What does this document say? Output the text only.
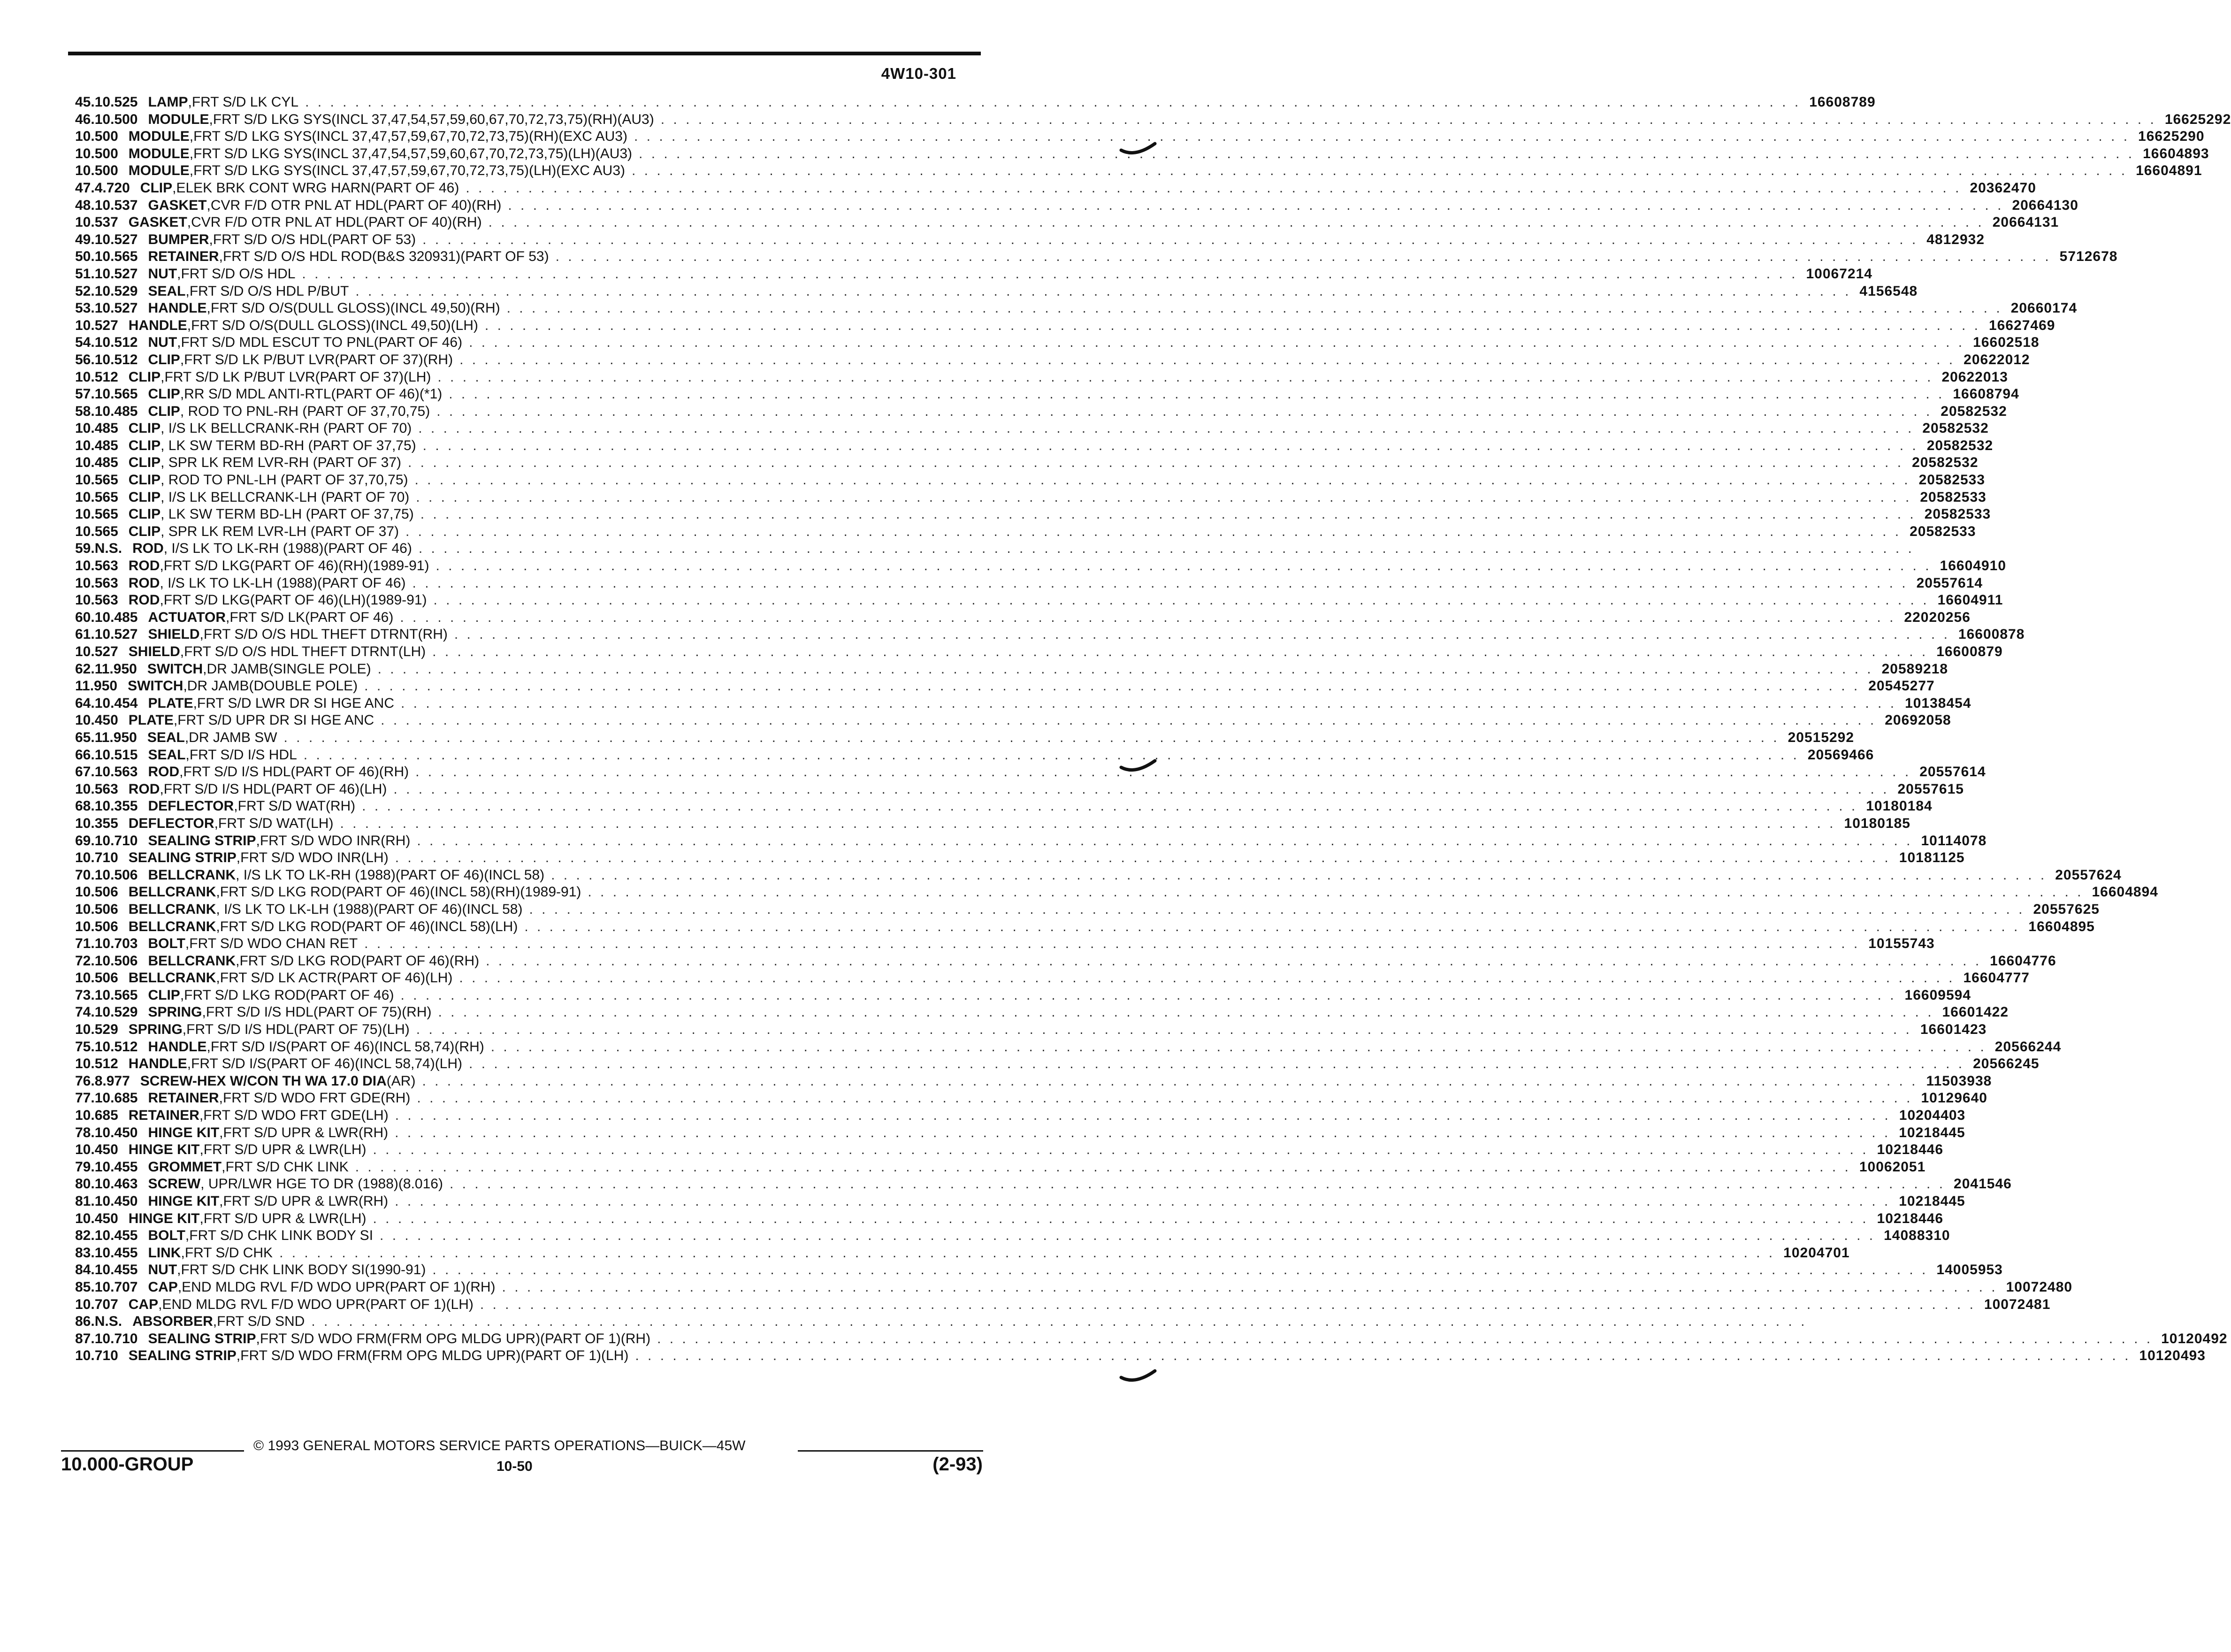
4W10-301
45. 10.525 LAMP ,FRT S/D LK CYL . . . . . . . . . . . . . . . . . . . . . . . . . . . . . . . . . . . . . . . . . . . . . . . . . . . . . . . . . . . . . . . . . . . . . . . . . . . . . . . . . . . . . . . . . . . . . . . . . . . . . . . . . . . . . . . . . . . . . . . . 16608789
46. 10.500 MODULE ,FRT S/D LKG SYS(INCL 37,47,54,57,59,60,67,70,72,73,75)(RH)(AU3) . . . . . . . . . . . . . . . . . . . . . . . . . . . . . . . . . . . . . . . . . . . . . . . . . . . . . . . . . . . . . . . . . . . . . . . . . . . . . . . . . . . . . . . . . . . . . . . . . . . . . . . . . . . . . . . . . . . . . . . . 16625292
10.500 MODULE ,FRT S/D LKG SYS(INCL 37,47,57,59,67,70,72,73,75)(RH)(EXC AU3) . . . . . . . . . . . . . . . . . . . . . . . . . . . . . . . . . . . . . . . . . . . . . . . . . . . . . . . . . . . . . . . . . . . . . . . . . . . . . . . . . . . . . . . . . . . . . . . . . . . . . . . . . . . . . . . . . . . . . . . . 16625290
10.500 MODULE ,FRT S/D LKG SYS(INCL 37,47,54,57,59,60,67,70,72,73,75)(LH)(AU3) . . . . . . . . . . . . . . . . . . . . . . . . . . . . . . . . . . . . . . . . . . . . . . . . . . . . . . . . . . . . . . . . . . . . . . . . . . . . . . . . . . . . . . . . . . . . . . . . . . . . . . . . . . . . . . . . . . . . . . . . 16604893
10.500 MODULE ,FRT S/D LKG SYS(INCL 37,47,57,59,67,70,72,73,75)(LH)(EXC AU3) . . . . . . . . . . . . . . . . . . . . . . . . . . . . . . . . . . . . . . . . . . . . . . . . . . . . . . . . . . . . . . . . . . . . . . . . . . . . . . . . . . . . . . . . . . . . . . . . . . . . . . . . . . . . . . . . . . . . . . . . 16604891
47. 4.720 CLIP ,ELEK BRK CONT WRG HARN(PART OF 46) . . . . . . . . . . . . . . . . . . . . . . . . . . . . . . . . . . . . . . . . . . . . . . . . . . . . . . . . . . . . . . . . . . . . . . . . . . . . . . . . . . . . . . . . . . . . . . . . . . . . . . . . . . . . . . . . . . . . . . . . 20362470
48. 10.537 GASKET ,CVR F/D OTR PNL AT HDL(PART OF 40)(RH) . . . . . . . . . . . . . . . . . . . . . . . . . . . . . . . . . . . . . . . . . . . . . . . . . . . . . . . . . . . . . . . . . . . . . . . . . . . . . . . . . . . . . . . . . . . . . . . . . . . . . . . . . . . . . . . . . . . . . . . . 20664130
10.537 GASKET ,CVR F/D OTR PNL AT HDL(PART OF 40)(RH) . . . . . . . . . . . . . . . . . . . . . . . . . . . . . . . . . . . . . . . . . . . . . . . . . . . . . . . . . . . . . . . . . . . . . . . . . . . . . . . . . . . . . . . . . . . . . . . . . . . . . . . . . . . . . . . . . . . . . . . . 20664131
49. 10.527 BUMPER ,FRT S/D O/S HDL(PART OF 53) . . . . . . . . . . . . . . . . . . . . . . . . . . . . . . . . . . . . . . . . . . . . . . . . . . . . . . . . . . . . . . . . . . . . . . . . . . . . . . . . . . . . . . . . . . . . . . . . . . . . . . . . . . . . . . . . . . . . . . . . 4812932
50. 10.565 RETAINER ,FRT S/D O/S HDL ROD(B&S 320931)(PART OF 53) . . . . . . . . . . . . . . . . . . . . . . . . . . . . . . . . . . . . . . . . . . . . . . . . . . . . . . . . . . . . . . . . . . . . . . . . . . . . . . . . . . . . . . . . . . . . . . . . . . . . . . . . . . . . . . . . . . . . . . . . 5712678
51. 10.527 NUT ,FRT S/D O/S HDL . . . . . . . . . . . . . . . . . . . . . . . . . . . . . . . . . . . . . . . . . . . . . . . . . . . . . . . . . . . . . . . . . . . . . . . . . . . . . . . . . . . . . . . . . . . . . . . . . . . . . . . . . . . . . . . . . . . . . . . . 10067214
52. 10.529 SEAL ,FRT S/D O/S HDL P/BUT . . . . . . . . . . . . . . . . . . . . . . . . . . . . . . . . . . . . . . . . . . . . . . . . . . . . . . . . . . . . . . . . . . . . . . . . . . . . . . . . . . . . . . . . . . . . . . . . . . . . . . . . . . . . . . . . . . . . . . . . 4156548
53. 10.527 HANDLE ,FRT S/D O/S(DULL GLOSS)(INCL 49,50)(RH) . . . . . . . . . . . . . . . . . . . . . . . . . . . . . . . . . . . . . . . . . . . . . . . . . . . . . . . . . . . . . . . . . . . . . . . . . . . . . . . . . . . . . . . . . . . . . . . . . . . . . . . . . . . . . . . . . . . . . . . . 20660174
10.527 HANDLE ,FRT S/D O/S(DULL GLOSS)(INCL 49,50)(LH) . . . . . . . . . . . . . . . . . . . . . . . . . . . . . . . . . . . . . . . . . . . . . . . . . . . . . . . . . . . . . . . . . . . . . . . . . . . . . . . . . . . . . . . . . . . . . . . . . . . . . . . . . . . . . . . . . . . . . . . . 16627469
54. 10.512 NUT ,FRT S/D MDL ESCUT TO PNL(PART OF 46) . . . . . . . . . . . . . . . . . . . . . . . . . . . . . . . . . . . . . . . . . . . . . . . . . . . . . . . . . . . . . . . . . . . . . . . . . . . . . . . . . . . . . . . . . . . . . . . . . . . . . . . . . . . . . . . . . . . . . . . . 16602518
56. 10.512 CLIP ,FRT S/D LK P/BUT LVR(PART OF 37)(RH) . . . . . . . . . . . . . . . . . . . . . . . . . . . . . . . . . . . . . . . . . . . . . . . . . . . . . . . . . . . . . . . . . . . . . . . . . . . . . . . . . . . . . . . . . . . . . . . . . . . . . . . . . . . . . . . . . . . . . . . . 20622012
10.512 CLIP ,FRT S/D LK P/BUT LVR(PART OF 37)(LH) . . . . . . . . . . . . . . . . . . . . . . . . . . . . . . . . . . . . . . . . . . . . . . . . . . . . . . . . . . . . . . . . . . . . . . . . . . . . . . . . . . . . . . . . . . . . . . . . . . . . . . . . . . . . . . . . . . . . . . . . 20622013
57. 10.565 CLIP ,RR S/D MDL ANTI-RTL(PART OF 46)(*1) . . . . . . . . . . . . . . . . . . . . . . . . . . . . . . . . . . . . . . . . . . . . . . . . . . . . . . . . . . . . . . . . . . . . . . . . . . . . . . . . . . . . . . . . . . . . . . . . . . . . . . . . . . . . . . . . . . . . . . . . 16608794
58. 10.485 CLIP , ROD TO PNL-RH (PART OF 37,70,75) . . . . . . . . . . . . . . . . . . . . . . . . . . . . . . . . . . . . . . . . . . . . . . . . . . . . . . . . . . . . . . . . . . . . . . . . . . . . . . . . . . . . . . . . . . . . . . . . . . . . . . . . . . . . . . . . . . . . . . . . 20582532
10.485 CLIP , I/S LK BELLCRANK-RH (PART OF 70) . . . . . . . . . . . . . . . . . . . . . . . . . . . . . . . . . . . . . . . . . . . . . . . . . . . . . . . . . . . . . . . . . . . . . . . . . . . . . . . . . . . . . . . . . . . . . . . . . . . . . . . . . . . . . . . . . . . . . . . . 20582532
10.485 CLIP , LK SW TERM BD-RH (PART OF 37,75) . . . . . . . . . . . . . . . . . . . . . . . . . . . . . . . . . . . . . . . . . . . . . . . . . . . . . . . . . . . . . . . . . . . . . . . . . . . . . . . . . . . . . . . . . . . . . . . . . . . . . . . . . . . . . . . . . . . . . . . . 20582532
10.485 CLIP , SPR LK REM LVR-RH (PART OF 37) . . . . . . . . . . . . . . . . . . . . . . . . . . . . . . . . . . . . . . . . . . . . . . . . . . . . . . . . . . . . . . . . . . . . . . . . . . . . . . . . . . . . . . . . . . . . . . . . . . . . . . . . . . . . . . . . . . . . . . . . 20582532
10.565 CLIP , ROD TO PNL-LH (PART OF 37,70,75) . . . . . . . . . . . . . . . . . . . . . . . . . . . . . . . . . . . . . . . . . . . . . . . . . . . . . . . . . . . . . . . . . . . . . . . . . . . . . . . . . . . . . . . . . . . . . . . . . . . . . . . . . . . . . . . . . . . . . . . . 20582533
10.565 CLIP , I/S LK BELLCRANK-LH (PART OF 70) . . . . . . . . . . . . . . . . . . . . . . . . . . . . . . . . . . . . . . . . . . . . . . . . . . . . . . . . . . . . . . . . . . . . . . . . . . . . . . . . . . . . . . . . . . . . . . . . . . . . . . . . . . . . . . . . . . . . . . . . 20582533
10.565 CLIP , LK SW TERM BD-LH (PART OF 37,75) . . . . . . . . . . . . . . . . . . . . . . . . . . . . . . . . . . . . . . . . . . . . . . . . . . . . . . . . . . . . . . . . . . . . . . . . . . . . . . . . . . . . . . . . . . . . . . . . . . . . . . . . . . . . . . . . . . . . . . . . 20582533
10.565 CLIP , SPR LK REM LVR-LH (PART OF 37) . . . . . . . . . . . . . . . . . . . . . . . . . . . . . . . . . . . . . . . . . . . . . . . . . . . . . . . . . . . . . . . . . . . . . . . . . . . . . . . . . . . . . . . . . . . . . . . . . . . . . . . . . . . . . . . . . . . . . . . . 20582533
59. N.S. ROD , I/S LK TO LK-RH (1988)(PART OF 46) . . . . . . . . . . . . . . . . . . . . . . . . . . . . . . . . . . . . . . . . . . . . . . . . . . . . . . . . . . . . . . . . . . . . . . . . . . . . . . . . . . . . . . . . . . . . . . . . . . . . . . . . . . . . . . . . . . . . . . . .
10.563 ROD ,FRT S/D LKG(PART OF 46)(RH)(1989-91) . . . . . . . . . . . . . . . . . . . . . . . . . . . . . . . . . . . . . . . . . . . . . . . . . . . . . . . . . . . . . . . . . . . . . . . . . . . . . . . . . . . . . . . . . . . . . . . . . . . . . . . . . . . . . . . . . . . . . . . . 16604910
10.563 ROD , I/S LK TO LK-LH (1988)(PART OF 46) . . . . . . . . . . . . . . . . . . . . . . . . . . . . . . . . . . . . . . . . . . . . . . . . . . . . . . . . . . . . . . . . . . . . . . . . . . . . . . . . . . . . . . . . . . . . . . . . . . . . . . . . . . . . . . . . . . . . . . . . 20557614
10.563 ROD ,FRT S/D LKG(PART OF 46)(LH)(1989-91) . . . . . . . . . . . . . . . . . . . . . . . . . . . . . . . . . . . . . . . . . . . . . . . . . . . . . . . . . . . . . . . . . . . . . . . . . . . . . . . . . . . . . . . . . . . . . . . . . . . . . . . . . . . . . . . . . . . . . . . . 16604911
60. 10.485 ACTUATOR ,FRT S/D LK(PART OF 46) . . . . . . . . . . . . . . . . . . . . . . . . . . . . . . . . . . . . . . . . . . . . . . . . . . . . . . . . . . . . . . . . . . . . . . . . . . . . . . . . . . . . . . . . . . . . . . . . . . . . . . . . . . . . . . . . . . . . . . . . 22020256
61. 10.527 SHIELD ,FRT S/D O/S HDL THEFT DTRNT(RH) . . . . . . . . . . . . . . . . . . . . . . . . . . . . . . . . . . . . . . . . . . . . . . . . . . . . . . . . . . . . . . . . . . . . . . . . . . . . . . . . . . . . . . . . . . . . . . . . . . . . . . . . . . . . . . . . . . . . . . . . 16600878
10.527 SHIELD ,FRT S/D O/S HDL THEFT DTRNT(LH) . . . . . . . . . . . . . . . . . . . . . . . . . . . . . . . . . . . . . . . . . . . . . . . . . . . . . . . . . . . . . . . . . . . . . . . . . . . . . . . . . . . . . . . . . . . . . . . . . . . . . . . . . . . . . . . . . . . . . . . . 16600879
62. 11.950 SWITCH ,DR JAMB(SINGLE POLE) . . . . . . . . . . . . . . . . . . . . . . . . . . . . . . . . . . . . . . . . . . . . . . . . . . . . . . . . . . . . . . . . . . . . . . . . . . . . . . . . . . . . . . . . . . . . . . . . . . . . . . . . . . . . . . . . . . . . . . . . 20589218
11.950 SWITCH ,DR JAMB(DOUBLE POLE) . . . . . . . . . . . . . . . . . . . . . . . . . . . . . . . . . . . . . . . . . . . . . . . . . . . . . . . . . . . . . . . . . . . . . . . . . . . . . . . . . . . . . . . . . . . . . . . . . . . . . . . . . . . . . . . . . . . . . . . . 20545277
64. 10.454 PLATE ,FRT S/D LWR DR SI HGE ANC . . . . . . . . . . . . . . . . . . . . . . . . . . . . . . . . . . . . . . . . . . . . . . . . . . . . . . . . . . . . . . . . . . . . . . . . . . . . . . . . . . . . . . . . . . . . . . . . . . . . . . . . . . . . . . . . . . . . . . . . 10138454
10.450 PLATE ,FRT S/D UPR DR SI HGE ANC . . . . . . . . . . . . . . . . . . . . . . . . . . . . . . . . . . . . . . . . . . . . . . . . . . . . . . . . . . . . . . . . . . . . . . . . . . . . . . . . . . . . . . . . . . . . . . . . . . . . . . . . . . . . . . . . . . . . . . . . 20692058
65. 11.950 SEAL ,DR JAMB SW . . . . . . . . . . . . . . . . . . . . . . . . . . . . . . . . . . . . . . . . . . . . . . . . . . . . . . . . . . . . . . . . . . . . . . . . . . . . . . . . . . . . . . . . . . . . . . . . . . . . . . . . . . . . . . . . . . . . . . . . 20515292
66. 10.515 SEAL ,FRT S/D I/S HDL . . . . . . . . . . . . . . . . . . . . . . . . . . . . . . . . . . . . . . . . . . . . . . . . . . . . . . . . . . . . . . . . . . . . . . . . . . . . . . . . . . . . . . . . . . . . . . . . . . . . . . . . . . . . . . . . . . . . . . . . 20569466
67. 10.563 ROD ,FRT S/D I/S HDL(PART OF 46)(RH) . . . . . . . . . . . . . . . . . . . . . . . . . . . . . . . . . . . . . . . . . . . . . . . . . . . . . . . . . . . . . . . . . . . . . . . . . . . . . . . . . . . . . . . . . . . . . . . . . . . . . . . . . . . . . . . . . . . . . . . . 20557614
10.563 ROD ,FRT S/D I/S HDL(PART OF 46)(LH) . . . . . . . . . . . . . . . . . . . . . . . . . . . . . . . . . . . . . . . . . . . . . . . . . . . . . . . . . . . . . . . . . . . . . . . . . . . . . . . . . . . . . . . . . . . . . . . . . . . . . . . . . . . . . . . . . . . . . . . . 20557615
68. 10.355 DEFLECTOR ,FRT S/D WAT(RH) . . . . . . . . . . . . . . . . . . . . . . . . . . . . . . . . . . . . . . . . . . . . . . . . . . . . . . . . . . . . . . . . . . . . . . . . . . . . . . . . . . . . . . . . . . . . . . . . . . . . . . . . . . . . . . . . . . . . . . . . 10180184
10.355 DEFLECTOR ,FRT S/D WAT(LH) . . . . . . . . . . . . . . . . . . . . . . . . . . . . . . . . . . . . . . . . . . . . . . . . . . . . . . . . . . . . . . . . . . . . . . . . . . . . . . . . . . . . . . . . . . . . . . . . . . . . . . . . . . . . . . . . . . . . . . . . 10180185
69. 10.710 SEALING STRIP ,FRT S/D WDO INR(RH) . . . . . . . . . . . . . . . . . . . . . . . . . . . . . . . . . . . . . . . . . . . . . . . . . . . . . . . . . . . . . . . . . . . . . . . . . . . . . . . . . . . . . . . . . . . . . . . . . . . . . . . . . . . . . . . . . . . . . . . . 10114078
10.710 SEALING STRIP ,FRT S/D WDO INR(LH) . . . . . . . . . . . . . . . . . . . . . . . . . . . . . . . . . . . . . . . . . . . . . . . . . . . . . . . . . . . . . . . . . . . . . . . . . . . . . . . . . . . . . . . . . . . . . . . . . . . . . . . . . . . . . . . . . . . . . . . . 10181125
70. 10.506 BELLCRANK , I/S LK TO LK-RH (1988)(PART OF 46)(INCL 58) . . . . . . . . . . . . . . . . . . . . . . . . . . . . . . . . . . . . . . . . . . . . . . . . . . . . . . . . . . . . . . . . . . . . . . . . . . . . . . . . . . . . . . . . . . . . . . . . . . . . . . . . . . . . . . . . . . . . . . . . 20557624
10.506 BELLCRANK ,FRT S/D LKG ROD(PART OF 46)(INCL 58)(RH)(1989-91) . . . . . . . . . . . . . . . . . . . . . . . . . . . . . . . . . . . . . . . . . . . . . . . . . . . . . . . . . . . . . . . . . . . . . . . . . . . . . . . . . . . . . . . . . . . . . . . . . . . . . . . . . . . . . . . . . . . . . . . . 16604894
10.506 BELLCRANK , I/S LK TO LK-LH (1988)(PART OF 46)(INCL 58) . . . . . . . . . . . . . . . . . . . . . . . . . . . . . . . . . . . . . . . . . . . . . . . . . . . . . . . . . . . . . . . . . . . . . . . . . . . . . . . . . . . . . . . . . . . . . . . . . . . . . . . . . . . . . . . . . . . . . . . . 20557625
10.506 BELLCRANK ,FRT S/D LKG ROD(PART OF 46)(INCL 58)(LH) . . . . . . . . . . . . . . . . . . . . . . . . . . . . . . . . . . . . . . . . . . . . . . . . . . . . . . . . . . . . . . . . . . . . . . . . . . . . . . . . . . . . . . . . . . . . . . . . . . . . . . . . . . . . . . . . . . . . . . . . 16604895
71. 10.703 BOLT ,FRT S/D WDO CHAN RET . . . . . . . . . . . . . . . . . . . . . . . . . . . . . . . . . . . . . . . . . . . . . . . . . . . . . . . . . . . . . . . . . . . . . . . . . . . . . . . . . . . . . . . . . . . . . . . . . . . . . . . . . . . . . . . . . . . . . . . . 10155743
72. 10.506 BELLCRANK ,FRT S/D LKG ROD(PART OF 46)(RH) . . . . . . . . . . . . . . . . . . . . . . . . . . . . . . . . . . . . . . . . . . . . . . . . . . . . . . . . . . . . . . . . . . . . . . . . . . . . . . . . . . . . . . . . . . . . . . . . . . . . . . . . . . . . . . . . . . . . . . . . 16604776
10.506 BELLCRANK ,FRT S/D LK ACTR(PART OF 46)(LH) . . . . . . . . . . . . . . . . . . . . . . . . . . . . . . . . . . . . . . . . . . . . . . . . . . . . . . . . . . . . . . . . . . . . . . . . . . . . . . . . . . . . . . . . . . . . . . . . . . . . . . . . . . . . . . . . . . . . . . . . 16604777
73. 10.565 CLIP ,FRT S/D LKG ROD(PART OF 46) . . . . . . . . . . . . . . . . . . . . . . . . . . . . . . . . . . . . . . . . . . . . . . . . . . . . . . . . . . . . . . . . . . . . . . . . . . . . . . . . . . . . . . . . . . . . . . . . . . . . . . . . . . . . . . . . . . . . . . . . 16609594
74. 10.529 SPRING ,FRT S/D I/S HDL(PART OF 75)(RH) . . . . . . . . . . . . . . . . . . . . . . . . . . . . . . . . . . . . . . . . . . . . . . . . . . . . . . . . . . . . . . . . . . . . . . . . . . . . . . . . . . . . . . . . . . . . . . . . . . . . . . . . . . . . . . . . . . . . . . . . 16601422
10.529 SPRING ,FRT S/D I/S HDL(PART OF 75)(LH) . . . . . . . . . . . . . . . . . . . . . . . . . . . . . . . . . . . . . . . . . . . . . . . . . . . . . . . . . . . . . . . . . . . . . . . . . . . . . . . . . . . . . . . . . . . . . . . . . . . . . . . . . . . . . . . . . . . . . . . . 16601423
75. 10.512 HANDLE ,FRT S/D I/S(PART OF 46)(INCL 58,74)(RH) . . . . . . . . . . . . . . . . . . . . . . . . . . . . . . . . . . . . . . . . . . . . . . . . . . . . . . . . . . . . . . . . . . . . . . . . . . . . . . . . . . . . . . . . . . . . . . . . . . . . . . . . . . . . . . . . . . . . . . . . 20566244
10.512 HANDLE ,FRT S/D I/S(PART OF 46)(INCL 58,74)(LH) . . . . . . . . . . . . . . . . . . . . . . . . . . . . . . . . . . . . . . . . . . . . . . . . . . . . . . . . . . . . . . . . . . . . . . . . . . . . . . . . . . . . . . . . . . . . . . . . . . . . . . . . . . . . . . . . . . . . . . . . 20566245
76. 8.977 SCREW-HEX W/CON TH WA 17.0 DIA (AR) . . . . . . . . . . . . . . . . . . . . . . . . . . . . . . . . . . . . . . . . . . . . . . . . . . . . . . . . . . . . . . . . . . . . . . . . . . . . . . . . . . . . . . . . . . . . . . . . . . . . . . . . . . . . . . . . . . . . . . . . 11503938
77. 10.685 RETAINER ,FRT S/D WDO FRT GDE(RH) . . . . . . . . . . . . . . . . . . . . . . . . . . . . . . . . . . . . . . . . . . . . . . . . . . . . . . . . . . . . . . . . . . . . . . . . . . . . . . . . . . . . . . . . . . . . . . . . . . . . . . . . . . . . . . . . . . . . . . . . 10129640
10.685 RETAINER ,FRT S/D WDO FRT GDE(LH) . . . . . . . . . . . . . . . . . . . . . . . . . . . . . . . . . . . . . . . . . . . . . . . . . . . . . . . . . . . . . . . . . . . . . . . . . . . . . . . . . . . . . . . . . . . . . . . . . . . . . . . . . . . . . . . . . . . . . . . . 10204403
78. 10.450 HINGE KIT ,FRT S/D UPR & LWR(RH) . . . . . . . . . . . . . . . . . . . . . . . . . . . . . . . . . . . . . . . . . . . . . . . . . . . . . . . . . . . . . . . . . . . . . . . . . . . . . . . . . . . . . . . . . . . . . . . . . . . . . . . . . . . . . . . . . . . . . . . . 10218445
10.450 HINGE KIT ,FRT S/D UPR & LWR(LH) . . . . . . . . . . . . . . . . . . . . . . . . . . . . . . . . . . . . . . . . . . . . . . . . . . . . . . . . . . . . . . . . . . . . . . . . . . . . . . . . . . . . . . . . . . . . . . . . . . . . . . . . . . . . . . . . . . . . . . . . 10218446
79. 10.455 GROMMET ,FRT S/D CHK LINK . . . . . . . . . . . . . . . . . . . . . . . . . . . . . . . . . . . . . . . . . . . . . . . . . . . . . . . . . . . . . . . . . . . . . . . . . . . . . . . . . . . . . . . . . . . . . . . . . . . . . . . . . . . . . . . . . . . . . . . . 10062051
80. 10.463 SCREW , UPR/LWR HGE TO DR (1988)(8.016) . . . . . . . . . . . . . . . . . . . . . . . . . . . . . . . . . . . . . . . . . . . . . . . . . . . . . . . . . . . . . . . . . . . . . . . . . . . . . . . . . . . . . . . . . . . . . . . . . . . . . . . . . . . . . . . . . . . . . . . . 2041546
81. 10.450 HINGE KIT ,FRT S/D UPR & LWR(RH) . . . . . . . . . . . . . . . . . . . . . . . . . . . . . . . . . . . . . . . . . . . . . . . . . . . . . . . . . . . . . . . . . . . . . . . . . . . . . . . . . . . . . . . . . . . . . . . . . . . . . . . . . . . . . . . . . . . . . . . . 10218445
10.450 HINGE KIT ,FRT S/D UPR & LWR(LH) . . . . . . . . . . . . . . . . . . . . . . . . . . . . . . . . . . . . . . . . . . . . . . . . . . . . . . . . . . . . . . . . . . . . . . . . . . . . . . . . . . . . . . . . . . . . . . . . . . . . . . . . . . . . . . . . . . . . . . . . 10218446
82. 10.455 BOLT ,FRT S/D CHK LINK BODY SI . . . . . . . . . . . . . . . . . . . . . . . . . . . . . . . . . . . . . . . . . . . . . . . . . . . . . . . . . . . . . . . . . . . . . . . . . . . . . . . . . . . . . . . . . . . . . . . . . . . . . . . . . . . . . . . . . . . . . . . . 14088310
83. 10.455 LINK ,FRT S/D CHK . . . . . . . . . . . . . . . . . . . . . . . . . . . . . . . . . . . . . . . . . . . . . . . . . . . . . . . . . . . . . . . . . . . . . . . . . . . . . . . . . . . . . . . . . . . . . . . . . . . . . . . . . . . . . . . . . . . . . . . . 10204701
84. 10.455 NUT ,FRT S/D CHK LINK BODY SI(1990-91) . . . . . . . . . . . . . . . . . . . . . . . . . . . . . . . . . . . . . . . . . . . . . . . . . . . . . . . . . . . . . . . . . . . . . . . . . . . . . . . . . . . . . . . . . . . . . . . . . . . . . . . . . . . . . . . . . . . . . . . . 14005953
85. 10.707 CAP ,END MLDG RVL F/D WDO UPR(PART OF 1)(RH) . . . . . . . . . . . . . . . . . . . . . . . . . . . . . . . . . . . . . . . . . . . . . . . . . . . . . . . . . . . . . . . . . . . . . . . . . . . . . . . . . . . . . . . . . . . . . . . . . . . . . . . . . . . . . . . . . . . . . . . . 10072480
10.707 CAP ,END MLDG RVL F/D WDO UPR(PART OF 1)(LH) . . . . . . . . . . . . . . . . . . . . . . . . . . . . . . . . . . . . . . . . . . . . . . . . . . . . . . . . . . . . . . . . . . . . . . . . . . . . . . . . . . . . . . . . . . . . . . . . . . . . . . . . . . . . . . . . . . . . . . . . 10072481
86. N.S. ABSORBER ,FRT S/D SND . . . . . . . . . . . . . . . . . . . . . . . . . . . . . . . . . . . . . . . . . . . . . . . . . . . . . . . . . . . . . . . . . . . . . . . . . . . . . . . . . . . . . . . . . . . . . . . . . . . . . . . . . . . . . . . . . . . . . . . .
87. 10.710 SEALING STRIP ,FRT S/D WDO FRM(FRM OPG MLDG UPR)(PART OF 1)(RH) . . . . . . . . . . . . . . . . . . . . . . . . . . . . . . . . . . . . . . . . . . . . . . . . . . . . . . . . . . . . . . . . . . . . . . . . . . . . . . . . . . . . . . . . . . . . . . . . . . . . . . . . . . . . . . . . . . . . . . . . 10120492
10.710 SEALING STRIP ,FRT S/D WDO FRM(FRM OPG MLDG UPR)(PART OF 1)(LH) . . . . . . . . . . . . . . . . . . . . . . . . . . . . . . . . . . . . . . . . . . . . . . . . . . . . . . . . . . . . . . . . . . . . . . . . . . . . . . . . . . . . . . . . . . . . . . . . . . . . . . . . . . . . . . . . . . . . . . . . 10120493
© 1993 GENERAL MOTORS SERVICE PARTS OPERATIONS—BUICK—45W
10.000-GROUP	10-50	(2-93)
